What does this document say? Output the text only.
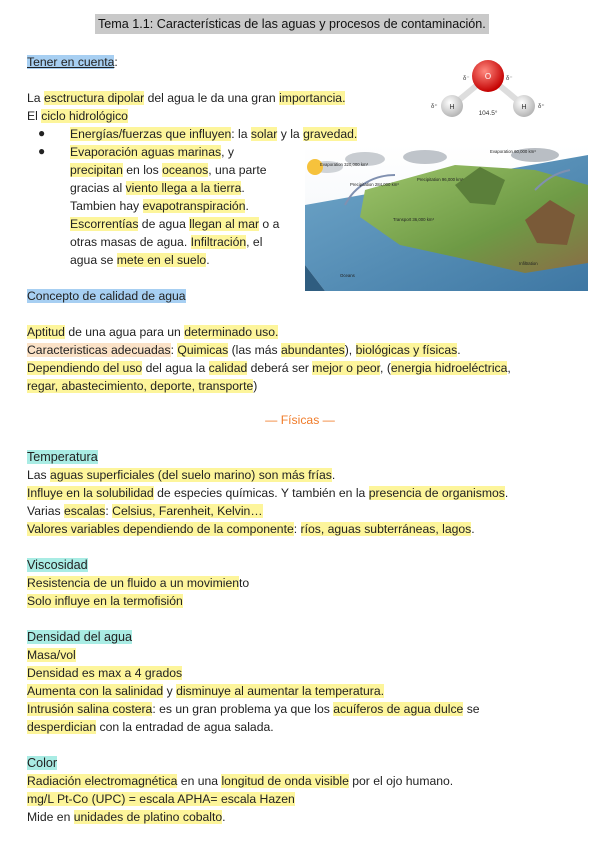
Tema 1.1: Características de las aguas y procesos de contaminación.
Tener en cuenta:
La esctructura dipolar del agua le da una gran importancia.
El ciclo hidrológico
● Energías/fuerzas que influyen: la solar y la gravedad.
● Evaporación aguas marinas, y
precipitan en los oceanos, una parte
gracias al viento llega a la tierra.
Tambien hay evapotranspiración.
Escorrentías de agua llegan al mar o a
otras masas de agua. Infiltración, el
agua se mete en el suelo.
O
H	H
δ⁻	δ⁻
δ⁺	δ⁺
104.5°
Evaporation 320,000 km³
Precipitation 284,000 km³
Precipitation 96,000 km³
Evaporation 60,000 km³
Transport 36,000 km³
Oceans
Infiltration
Concepto de calidad de agua
Aptitud de una agua para un determinado uso.
Caracteristicas adecuadas: Quimicas (las más abundantes), biológicas y físicas.
Dependiendo del uso del agua la calidad deberá ser mejor o peor, (energia hidroeléctrica,
regar, abastecimiento, deporte, transporte)
— Físicas —
Temperatura
Las aguas superficiales (del suelo marino) son más frías.
Influye en la solubilidad de especies químicas. Y también en la presencia de organismos.
Varias escalas: Celsius, Farenheit, Kelvin…
Valores variables dependiendo de la componente: ríos, aguas subterráneas, lagos.
Viscosidad
Resistencia de un fluido a un movimiento
Solo influye en la termofisión
Densidad del agua
Masa/vol
Densidad es max a 4 grados
Aumenta con la salinidad y disminuye al aumentar la temperatura.
Intrusión salina costera: es un gran problema ya que los acuíferos de agua dulce se
desperdician con la entradad de agua salada.
Color
Radiación electromagnética en una longitud de onda visible por el ojo humano.
mg/L Pt-Co (UPC) = escala APHA= escala Hazen
Mide en unidades de platino cobalto.
